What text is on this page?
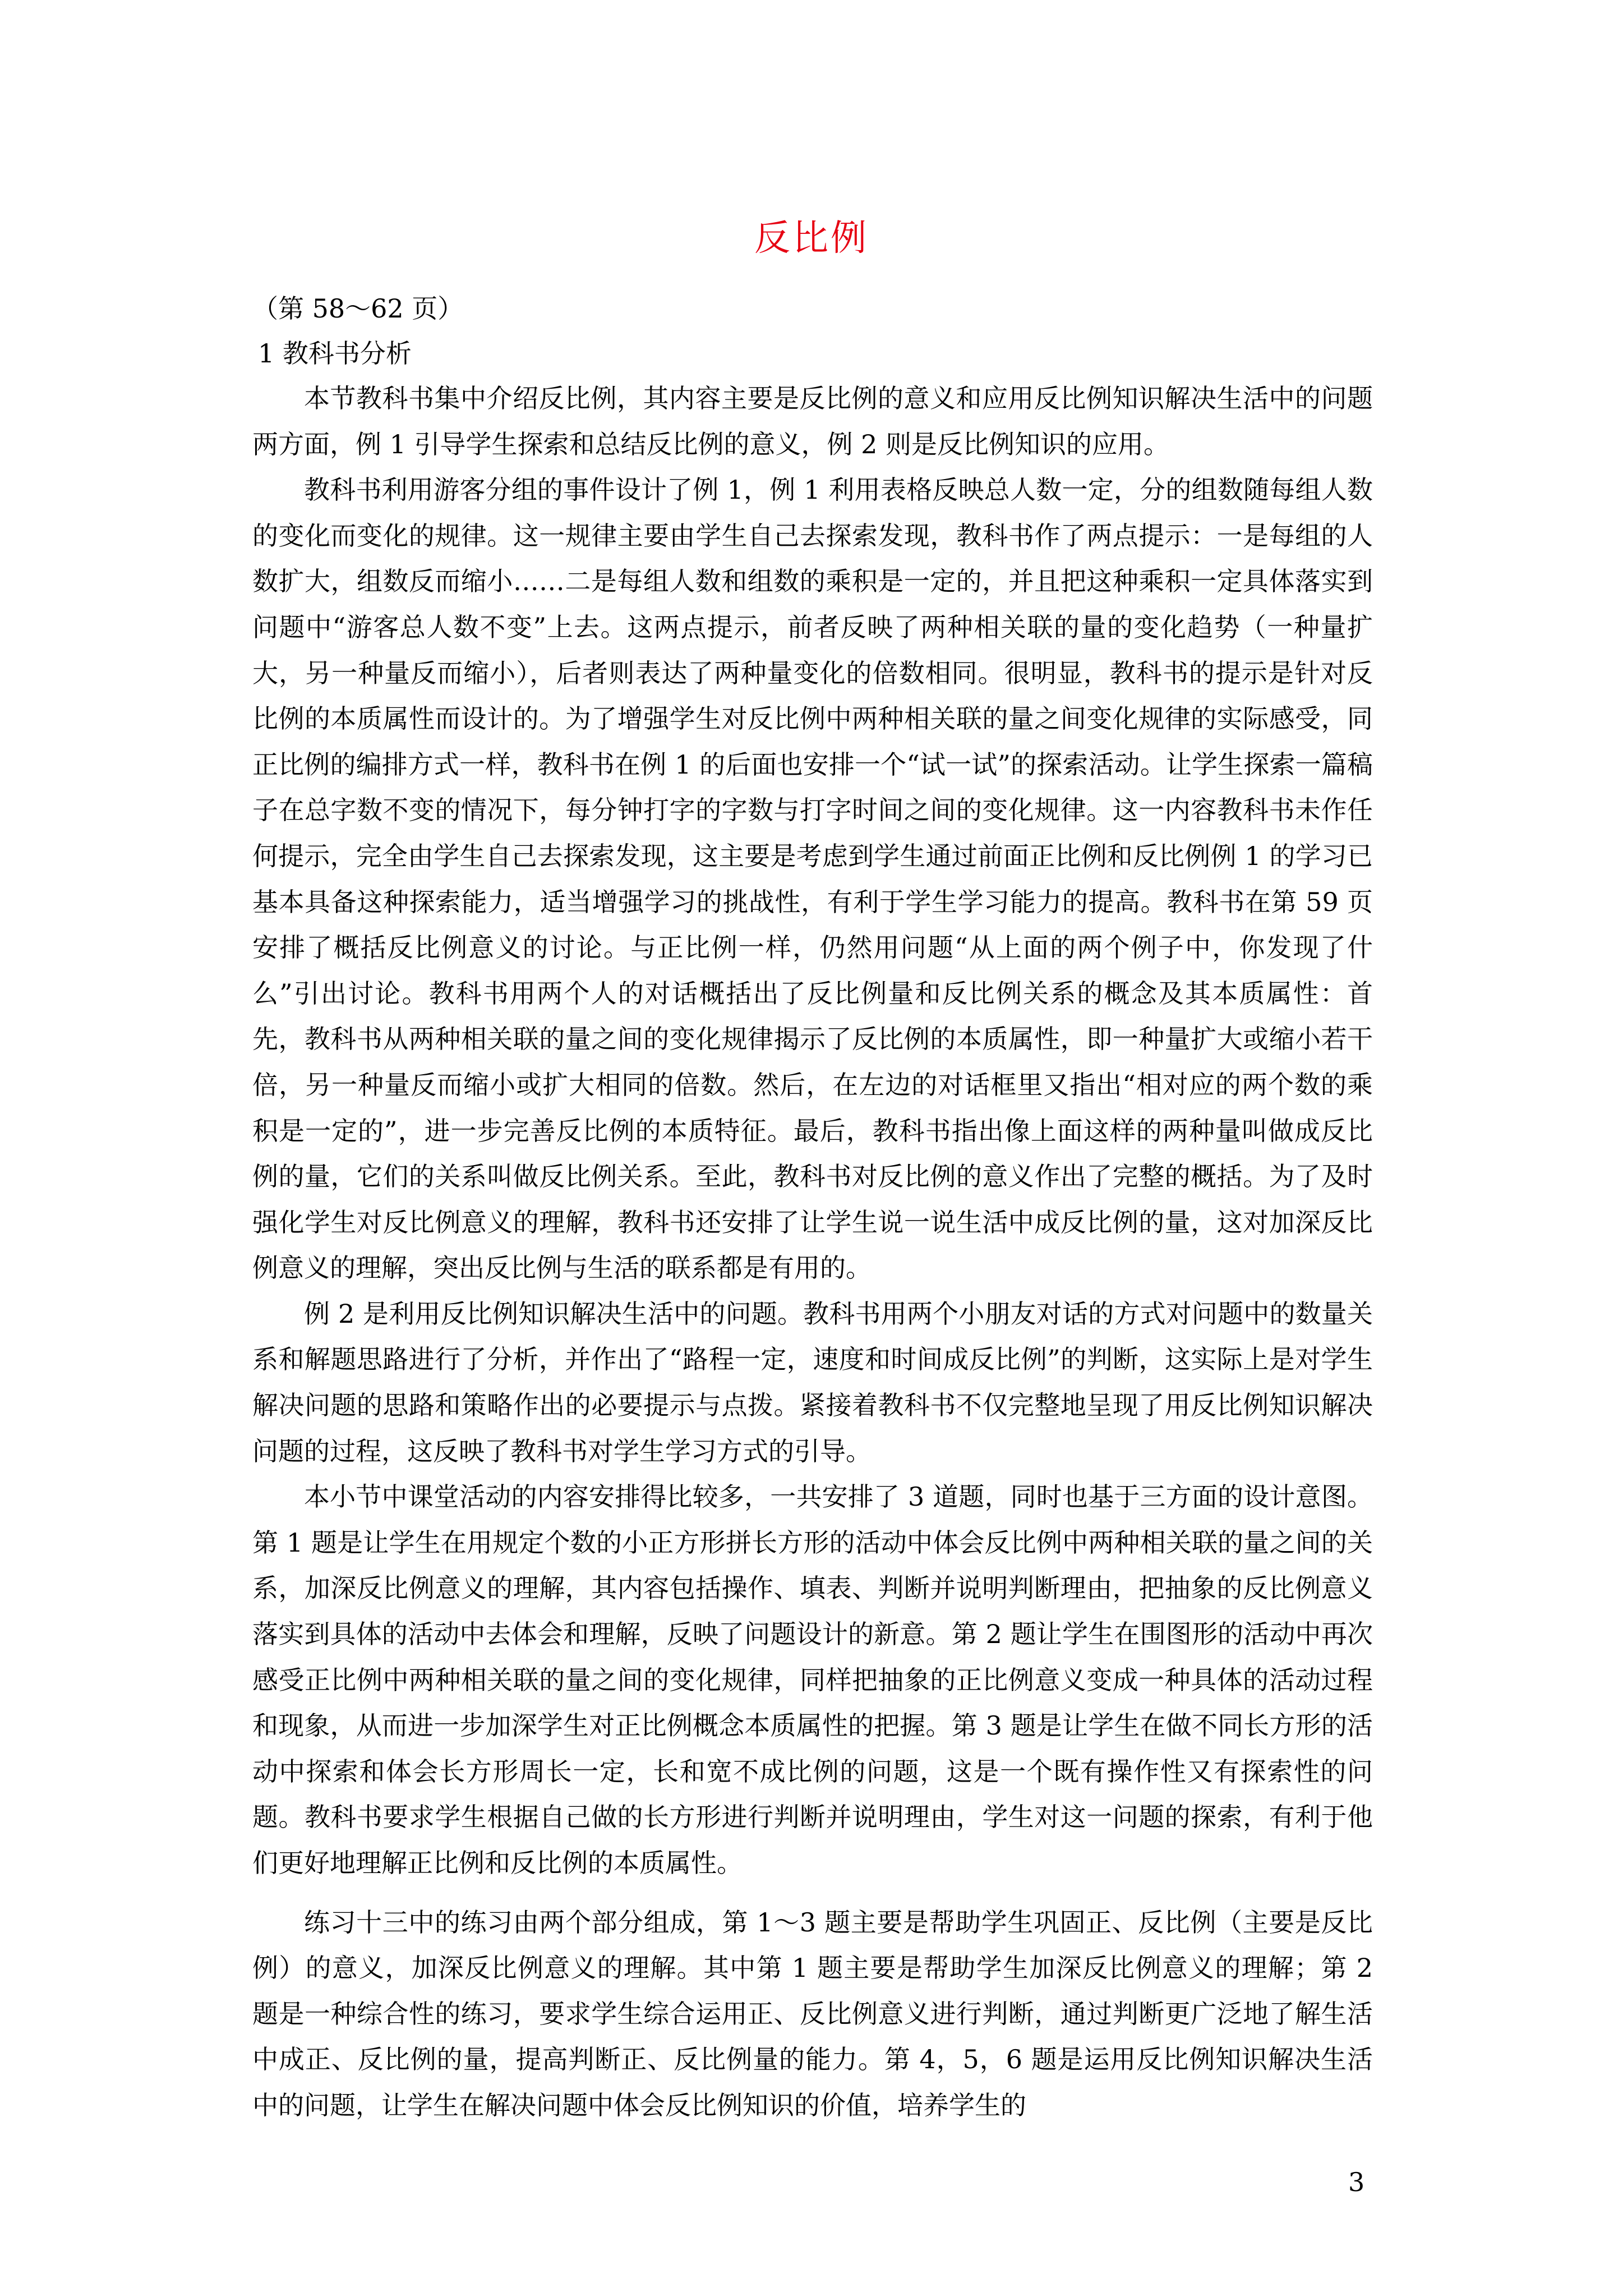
反比例
（第 58～62 页）
1 教科书分析

本节教科书集中介绍反比例，其内容主要是反比例的意义和应用反比例知识解决生活中的问题两方面，例 1 引导学生探索和总结反比例的意义，例 2 则是反比例知识的应用。

教科书利用游客分组的事件设计了例 1，例 1 利用表格反映总人数一定，分的组数随每组人数的变化而变化的规律。这一规律主要由学生自己去探索发现，教科书作了两点提示：一是每组的人数扩大，组数反而缩小……二是每组人数和组数的乘积是一定的，并且把这种乘积一定具体落实到问题中“游客总人数不变”上去。这两点提示，前者反映了两种相关联的量的变化趋势（一种量扩大，另一种量反而缩小），后者则表达了两种量变化的倍数相同。很明显，教科书的提示是针对反比例的本质属性而设计的。为了增强学生对反比例中两种相关联的量之间变化规律的实际感受，同正比例的编排方式一样，教科书在例 1 的后面也安排一个“试一试”的探索活动。让学生探索一篇稿子在总字数不变的情况下，每分钟打字的字数与打字时间之间的变化规律。这一内容教科书未作任何提示，完全由学生自己去探索发现，这主要是考虑到学生通过前面正比例和反比例例 1 的学习已基本具备这种探索能力，适当增强学习的挑战性，有利于学生学习能力的提高。教科书在第 59 页安排了概括反比例意义的讨论。与正比例一样，仍然用问题“从上面的两个例子中，你发现了什么”引出讨论。教科书用两个人的对话概括出了反比例量和反比例关系的概念及其本质属性：首先，教科书从两种相关联的量之间的变化规律揭示了反比例的本质属性，即一种量扩大或缩小若干倍，另一种量反而缩小或扩大相同的倍数。然后，在左边的对话框里又指出“相对应的两个数的乘积是一定的”，进一步完善反比例的本质特征。最后，教科书指出像上面这样的两种量叫做成反比例的量，它们的关系叫做反比例关系。至此，教科书对反比例的意义作出了完整的概括。为了及时强化学生对反比例意义的理解，教科书还安排了让学生说一说生活中成反比例的量，这对加深反比例意义的理解，突出反比例与生活的联系都是有用的。

例 2 是利用反比例知识解决生活中的问题。教科书用两个小朋友对话的方式对问题中的数量关系和解题思路进行了分析，并作出了“路程一定，速度和时间成反比例”的判断，这实际上是对学生解决问题的思路和策略作出的必要提示与点拨。紧接着教科书不仅完整地呈现了用反比例知识解决问题的过程，这反映了教科书对学生学习方式的引导。

本小节中课堂活动的内容安排得比较多，一共安排了 3 道题，同时也基于三方面的设计意图。第 1 题是让学生在用规定个数的小正方形拼长方形的活动中体会反比例中两种相关联的量之间的关系，加深反比例意义的理解，其内容包括操作、填表、判断并说明判断理由，把抽象的反比例意义落实到具体的活动中去体会和理解，反映了问题设计的新意。第 2 题让学生在围图形的活动中再次感受正比例中两种相关联的量之间的变化规律，同样把抽象的正比例意义变成一种具体的活动过程和现象，从而进一步加深学生对正比例概念本质属性的把握。第 3 题是让学生在做不同长方形的活动中探索和体会长方形周长一定，长和宽不成比例的问题，这是一个既有操作性又有探索性的问题。教科书要求学生根据自己做的长方形进行判断并说明理由，学生对这一问题的探索，有利于他们更好地理解正比例和反比例的本质属性。

练习十三中的练习由两个部分组成，第 1～3 题主要是帮助学生巩固正、反比例（主要是反比例）的意义，加深反比例意义的理解。其中第 1 题主要是帮助学生加深反比例意义的理解；第 2 题是一种综合性的练习，要求学生综合运用正、反比例意义进行判断，通过判断更广泛地了解生活中成正、反比例的量，提高判断正、反比例量的能力。第 4，5，6 题是运用反比例知识解决生活中的问题，让学生在解决问题中体会反比例知识的价值，培养学生的

3
